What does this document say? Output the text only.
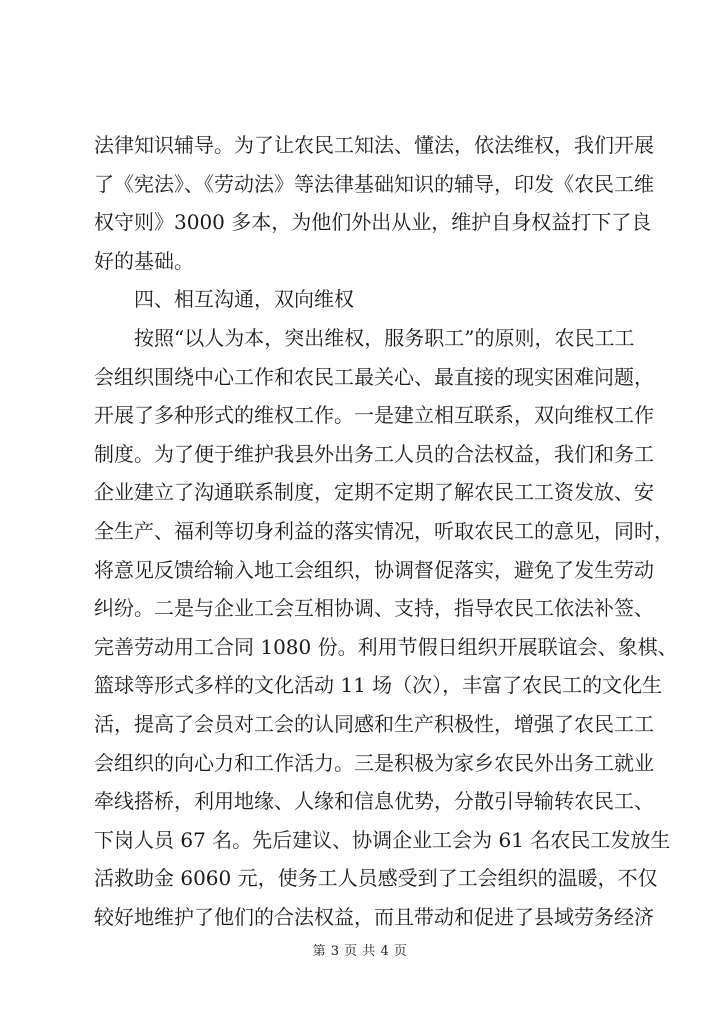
法律知识辅导。为了让农民工知法、懂法，依法维权，我们开展
了《宪法》、《劳动法》等法律基础知识的辅导，印发《农民工维
权守则》3000 多本，为他们外出从业，维护自身权益打下了良
好的基础。
四、相互沟通，双向维权
按照“以人为本，突出维权，服务职工”的原则，农民工工
会组织围绕中心工作和农民工最关心、最直接的现实困难问题，
开展了多种形式的维权工作。一是建立相互联系，双向维权工作
制度。为了便于维护我县外出务工人员的合法权益，我们和务工
企业建立了沟通联系制度，定期不定期了解农民工工资发放、安
全生产、福利等切身利益的落实情况，听取农民工的意见，同时，
将意见反馈给输入地工会组织，协调督促落实，避免了发生劳动
纠纷。二是与企业工会互相协调、支持，指导农民工依法补签、
完善劳动用工合同 1080 份。利用节假日组织开展联谊会、象棋、
篮球等形式多样的文化活动 11 场（次），丰富了农民工的文化生
活，提高了会员对工会的认同感和生产积极性，增强了农民工工
会组织的向心力和工作活力。三是积极为家乡农民外出务工就业
牵线搭桥，利用地缘、人缘和信息优势，分散引导输转农民工、
下岗人员 67 名。先后建议、协调企业工会为 61 名农民工发放生
活救助金 6060 元，使务工人员感受到了工会组织的温暖，不仅
较好地维护了他们的合法权益，而且带动和促进了县域劳务经济
第 3 页 共 4 页
